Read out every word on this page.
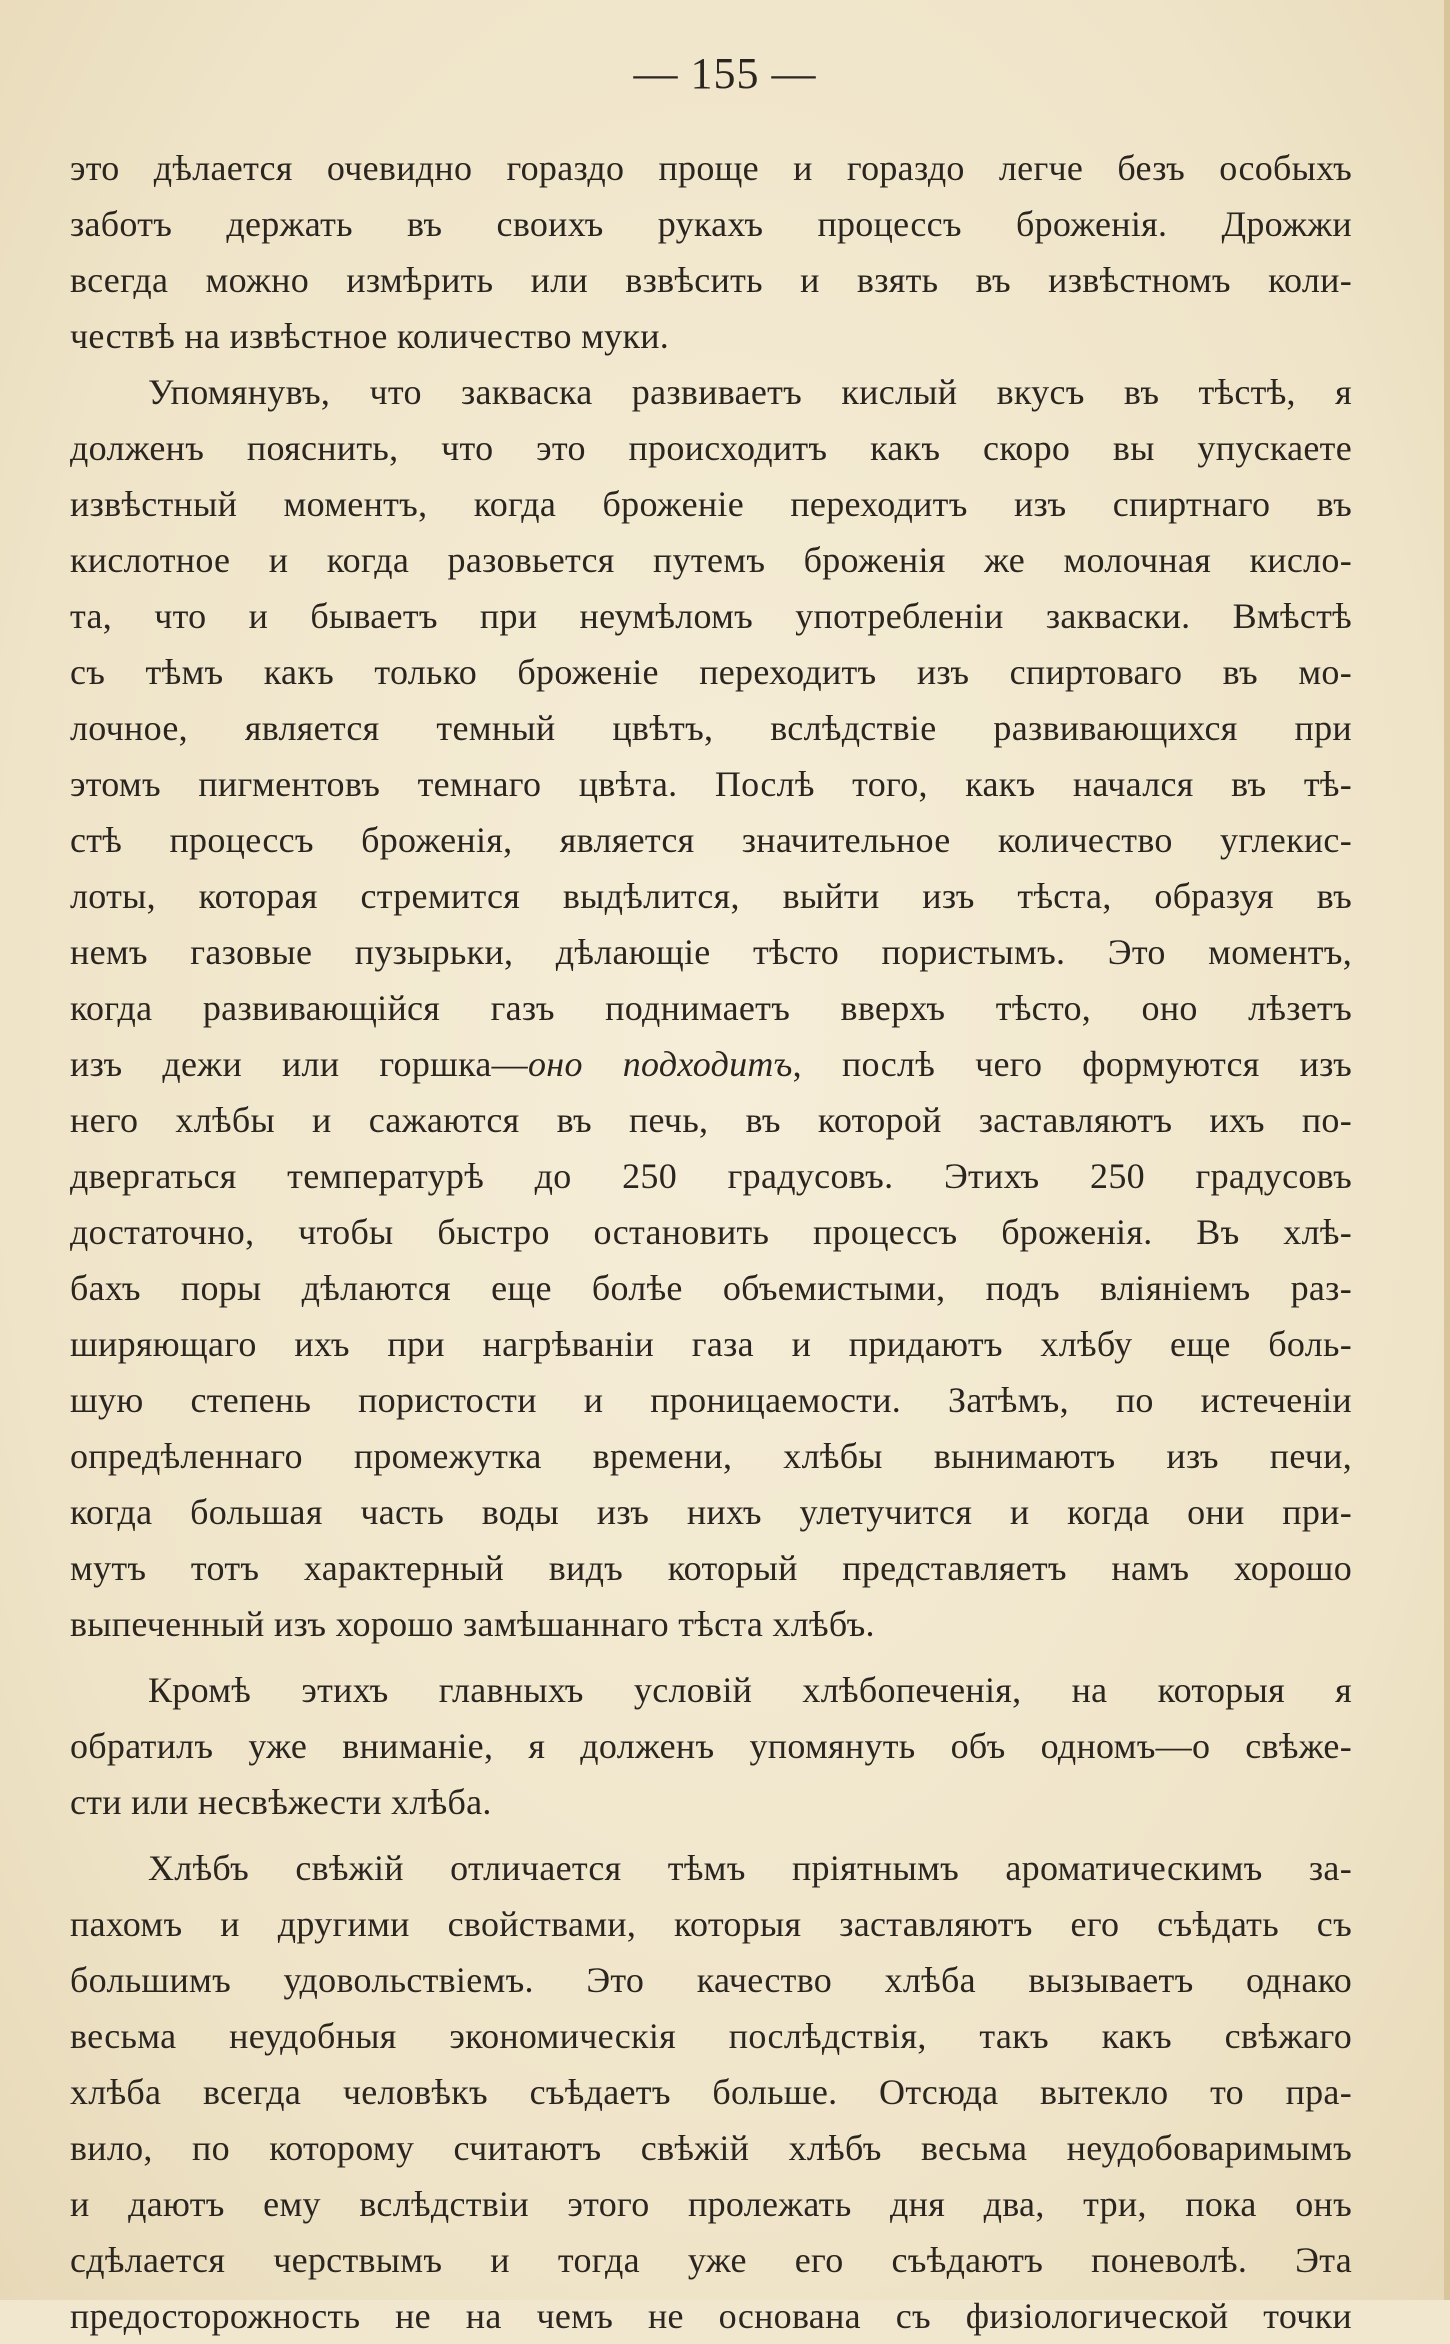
— 155 —
это дѣлается очевидно гораздо проще и гораздо легче безъ особыхъ
заботъ держать въ своихъ рукахъ процессъ броженія. Дрожжи
всегда можно измѣрить или взвѣсить и взять въ извѣстномъ коли-
чествѣ на извѣстное количество муки.
Упомянувъ, что закваска развиваетъ кислый вкусъ въ тѣстѣ, я
долженъ пояснить, что это происходитъ какъ скоро вы упускаете
извѣстный моментъ, когда броженіе переходитъ изъ спиртнаго въ
кислотное и когда разовьется путемъ броженія же молочная кисло-
та, что и бываетъ при неумѣломъ употребленіи закваски. Вмѣстѣ
съ тѣмъ какъ только броженіе переходитъ изъ спиртоваго въ мо-
лочное, является темный цвѣтъ, вслѣдствіе развивающихся при
этомъ пигментовъ темнаго цвѣта. Послѣ того, какъ начался въ тѣ-
стѣ процессъ броженія, является значительное количество углекис-
лоты, которая стремится выдѣлится, выйти изъ тѣста, образуя въ
немъ газовые пузырьки, дѣлающіе тѣсто пористымъ. Это моментъ,
когда развивающійся газъ поднимаетъ вверхъ тѣсто, оно лѣзетъ
изъ дежи или горшка—оно подходитъ, послѣ чего формуются изъ
него хлѣбы и сажаются въ печь, въ которой заставляютъ ихъ по-
двергаться температурѣ до 250 градусовъ. Этихъ 250 градусовъ
достаточно, чтобы быстро остановить процессъ броженія. Въ хлѣ-
бахъ поры дѣлаются еще болѣе объемистыми, подъ вліяніемъ раз-
ширяющаго ихъ при нагрѣваніи газа и придаютъ хлѣбу еще боль-
шую степень пористости и проницаемости. Затѣмъ, по истеченіи
опредѣленнаго промежутка времени, хлѣбы вынимаютъ изъ печи,
когда большая часть воды изъ нихъ улетучится и когда они при-
мутъ тотъ характерный видъ который представляетъ намъ хорошо
выпеченный изъ хорошо замѣшаннаго тѣста хлѣбъ.
Кромѣ этихъ главныхъ условій хлѣбопеченія, на которыя я
обратилъ уже вниманіе, я долженъ упомянуть объ одномъ—о свѣже-
сти или несвѣжести хлѣба.
Хлѣбъ свѣжій отличается тѣмъ пріятнымъ ароматическимъ за-
пахомъ и другими свойствами, которыя заставляютъ его съѣдать съ
большимъ удовольствіемъ. Это качество хлѣба вызываетъ однако
весьма неудобныя экономическія послѣдствія, такъ какъ свѣжаго
хлѣба всегда человѣкъ съѣдаетъ больше. Отсюда вытекло то пра-
вило, по которому считаютъ свѣжій хлѣбъ весьма неудобоваримымъ
и даютъ ему вслѣдствіи этого пролежать дня два, три, пока онъ
сдѣлается черствымъ и тогда уже его съѣдаютъ поневолѣ. Эта
предосторожность не на чемъ не основана съ физіологической точки
